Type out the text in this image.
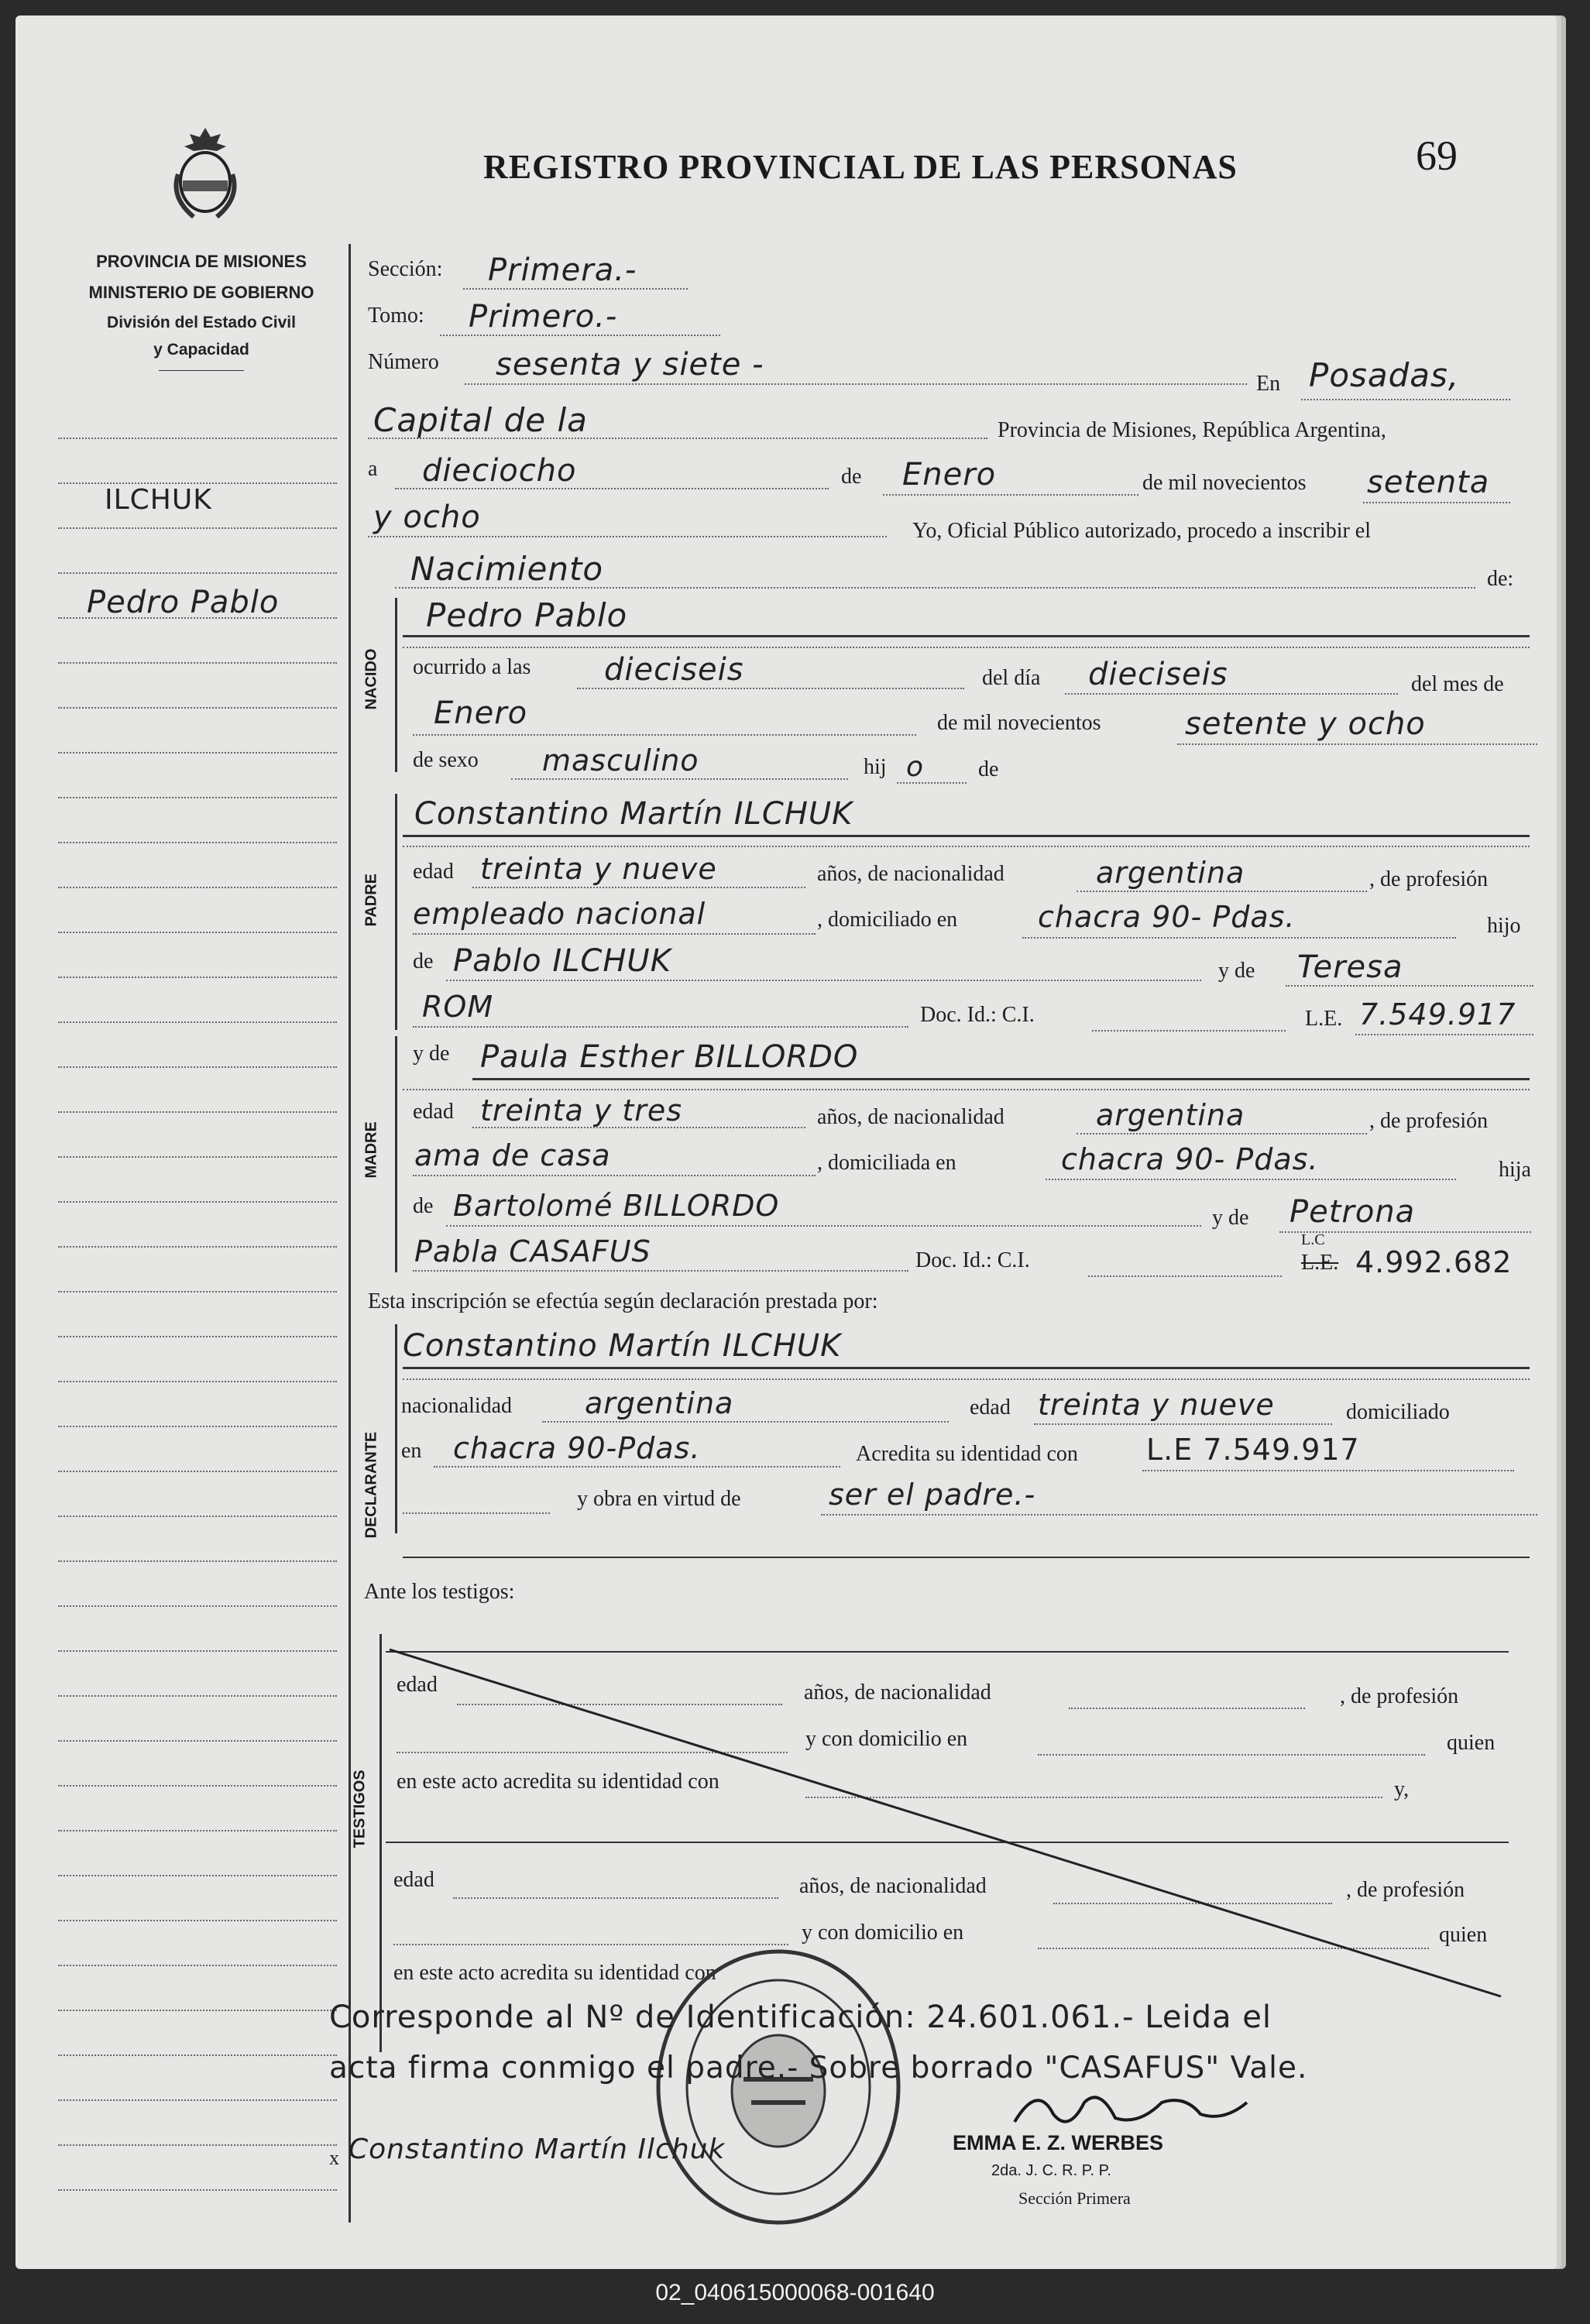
REGISTRO PROVINCIAL DE LAS PERSONAS	69
PROVINCIA DE MISIONES
MINISTERIO DE GOBIERNO
División del Estado Civil
y Capacidad
ILCHUK
Pedro Pablo
Sección: Primera.-
Tomo: Primero.-
Número sesenta y siete -
En Posadas,
Capital de la	Provincia de Misiones, República Argentina,
a dieciocho	de Enero	de mil novecientos setenta
y ocho	Yo, Oficial Público autorizado, procedo a inscribir el
Nacimiento	de:
NACIDO
Pedro Pablo
ocurrido a las dieciseis	del día dieciseis	del mes de
Enero	de mil novecientos	setente y ocho
de sexo masculino	hij o de
PADRE
Constantino Martín ILCHUK
edad treinta y nueve	años, de nacionalidad	argentina	, de profesión
empleado nacional	, domiciliado en	chacra 90- Pdas.	hijo
de Pablo ILCHUK	y de Teresa
ROM	Doc. Id.: C.I.	L.E. 7.549.917
MADRE
y de Paula Esther BILLORDO
edad treinta y tres	años, de nacionalidad	argentina	, de profesión
ama de casa	, domiciliada en	chacra 90- Pdas.	hija
de Bartolomé BILLORDO	y de Petrona
Pabla CASAFUS	Doc. Id.: C.I.
L.C
L.E. 4.992.682
Esta inscripción se efectúa según declaración prestada por:
DECLARANTE
Constantino Martín ILCHUK
nacionalidad argentina	edad treinta y nueve	domiciliado
en chacra 90-Pdas.	Acredita su identidad con L.E 7.549.917
y obra en virtud de	ser el padre.-
Ante los testigos:
TESTIGOS
edad	años, de nacionalidad	, de profesión
y con domicilio en	quien
en este acto acredita su identidad con	y,
edad	años, de nacionalidad	, de profesión
y con domicilio en	quien
en este acto acredita su identidad con
Corresponde al Nº de Identificación: 24.601.061.- Leida el
acta firma conmigo el padre.- Sobre borrado "CASAFUS" Vale.
x Constantino Martín Ilchuk	EMMA E. Z. WERBES
2da. J. C. R. P. P.
Sección Primera
02_040615000068-001640
